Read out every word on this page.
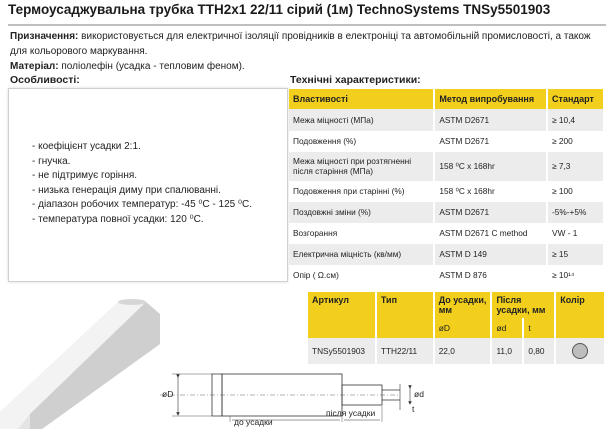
Термоусаджувальна трубка ТТН2х1 22/11 сірий (1м) TechnoSystems TNSy5501903
Призначення: використовується для електричної ізоляції провідників в електроніці та автомобільній промисловості, а також для кольорового маркування.
Матеріал: поліолефін (усадка - тепловим феном).
Особливості:
- коефіцієнт усадки 2:1.
- гнучка.
- не підтримує горіння.
- низька генерація диму при спалюванні.
- діапазон робочих температур: -45 ⁰С - 125 ⁰С.
- температура повної усадки: 120 ⁰С.
Технічні характеристики:
Властивості	Метод випробування	Стандарт
Межа міцності (МПа)	ASTM D2671	≥ 10,4
Подовження (%)	ASTM D2671	≥ 200
Межа міцності при розтягненні після старіння (МПа)	158 ⁰С x 168hr	≥ 7,3
Подовження при старінні (%)	158 ⁰С x 168hr	≥ 100
Поздовжні зміни (%)	ASTM D2671	-5%-+5%
Возгорання	ASTM D2671 C method	VW - 1
Електрична міцність (кв/мм)	ASTM D 149	≥ 15
Опір ( Ω.cм)	ASTM D 876	≥ 10¹⁴
Артикул	Тип	До усадки, мм	Після усадки, мм		Колір
		øD	ød	t	
TNSy5501903	TTH22/11	22,0	11,0	0,80	
øD	ød
t
до усадки
після усадки
